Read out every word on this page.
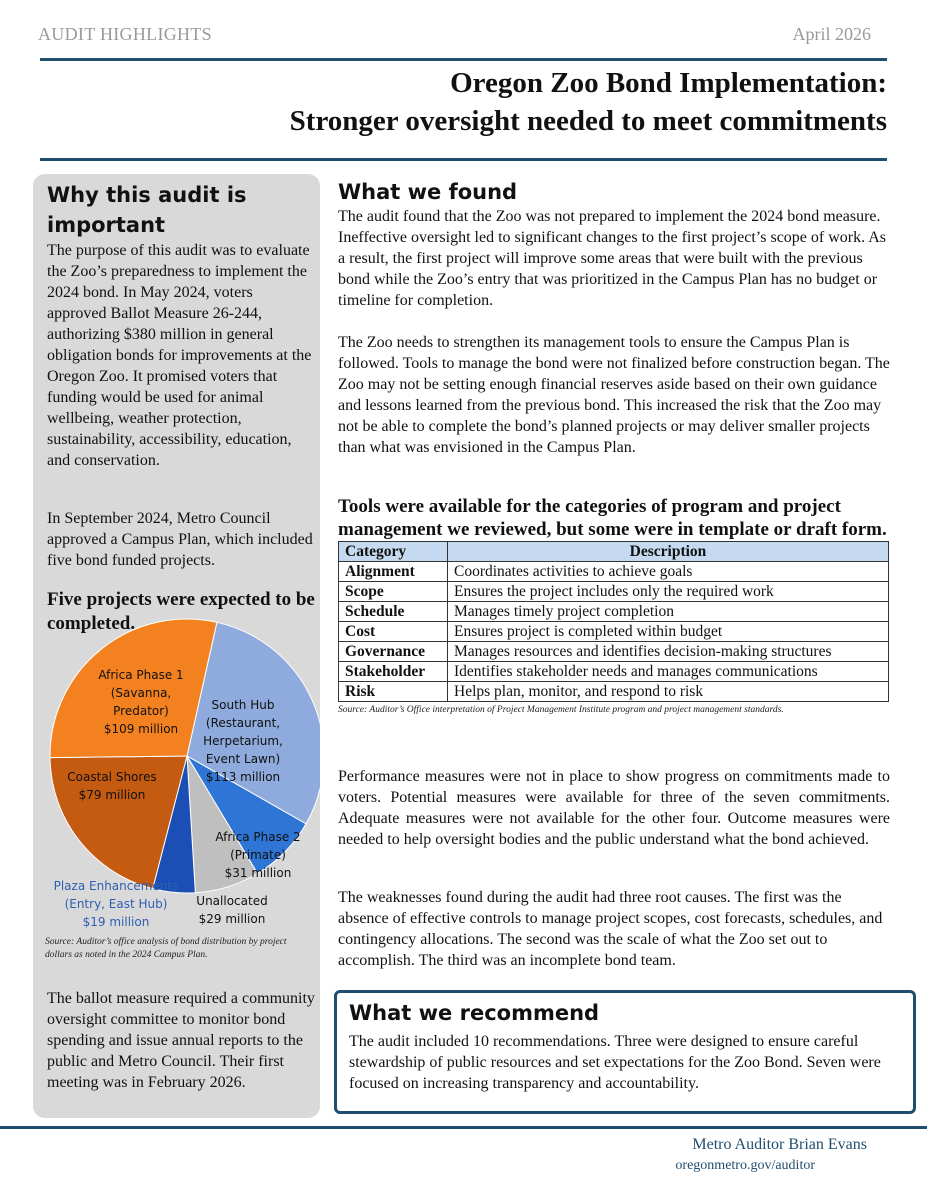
AUDIT HIGHLIGHTS	April 2026
Oregon Zoo Bond Implementation:
Stronger oversight needed to meet commitments
Why this audit is important
The purpose of this audit was to evaluate the Zoo’s preparedness to implement the 2024 bond. In May 2024, voters approved Ballot Measure 26-244, authorizing $380 million in general obligation bonds for improvements at the Oregon Zoo. It promised voters that funding would be used for animal wellbeing, weather protection, sustainability, accessibility, education, and conservation.
In September 2024, Metro Council approved a Campus Plan, which included five bond funded projects.
Five projects were expected to be completed.
Africa Phase 1
(Savanna,
Predator)
$109 million
South Hub
(Restaurant,
Herpetarium,
Event Lawn)
$113 million
Coastal Shores
$79 million
Africa Phase 2
(Primate)
$31 million
Plaza Enhancements
(Entry, East Hub)
$19 million
Unallocated
$29 million
Source: Auditor’s office analysis of bond distribution by project dollars as noted in the 2024 Campus Plan.
The ballot measure required a community oversight committee to monitor bond spending and issue annual reports to the public and Metro Council. Their first meeting was in February 2026.
What we found
The audit found that the Zoo was not prepared to implement the 2024 bond measure. Ineffective oversight led to significant changes to the first project’s scope of work. As a result, the first project will improve some areas that were built with the previous bond while the Zoo’s entry that was prioritized in the Campus Plan has no budget or timeline for completion.
The Zoo needs to strengthen its management tools to ensure the Campus Plan is followed. Tools to manage the bond were not finalized before construction began. The Zoo may not be setting enough financial reserves aside based on their own guidance and lessons learned from the previous bond. This increased the risk that the Zoo may not be able to complete the bond’s planned projects or may deliver smaller projects than what was envisioned in the Campus Plan.
Tools were available for the categories of program and project management we reviewed, but some were in template or draft form.
Category	Description
Alignment	Coordinates activities to achieve goals
Scope	Ensures the project includes only the required work
Schedule	Manages timely project completion
Cost	Ensures project is completed within budget
Governance	Manages resources and identifies decision-making structures
Stakeholder	Identifies stakeholder needs and manages communications
Risk	Helps plan, monitor, and respond to risk
Source: Auditor’s Office interpretation of Project Management Institute program and project management standards.
Performance measures were not in place to show progress on commitments made to voters. Potential measures were available for three of the seven commitments. Adequate measures were not available for the other four. Outcome measures were needed to help oversight bodies and the public understand what the bond achieved.
The weaknesses found during the audit had three root causes. The first was the absence of effective controls to manage project scopes, cost forecasts, schedules, and contingency allocations. The second was the scale of what the Zoo set out to accomplish. The third was an incomplete bond team.
What we recommend
The audit included 10 recommendations. Three were designed to ensure careful stewardship of public resources and set expectations for the Zoo Bond. Seven were focused on increasing transparency and accountability.
Metro Auditor Brian Evans
oregonmetro.gov/auditor
